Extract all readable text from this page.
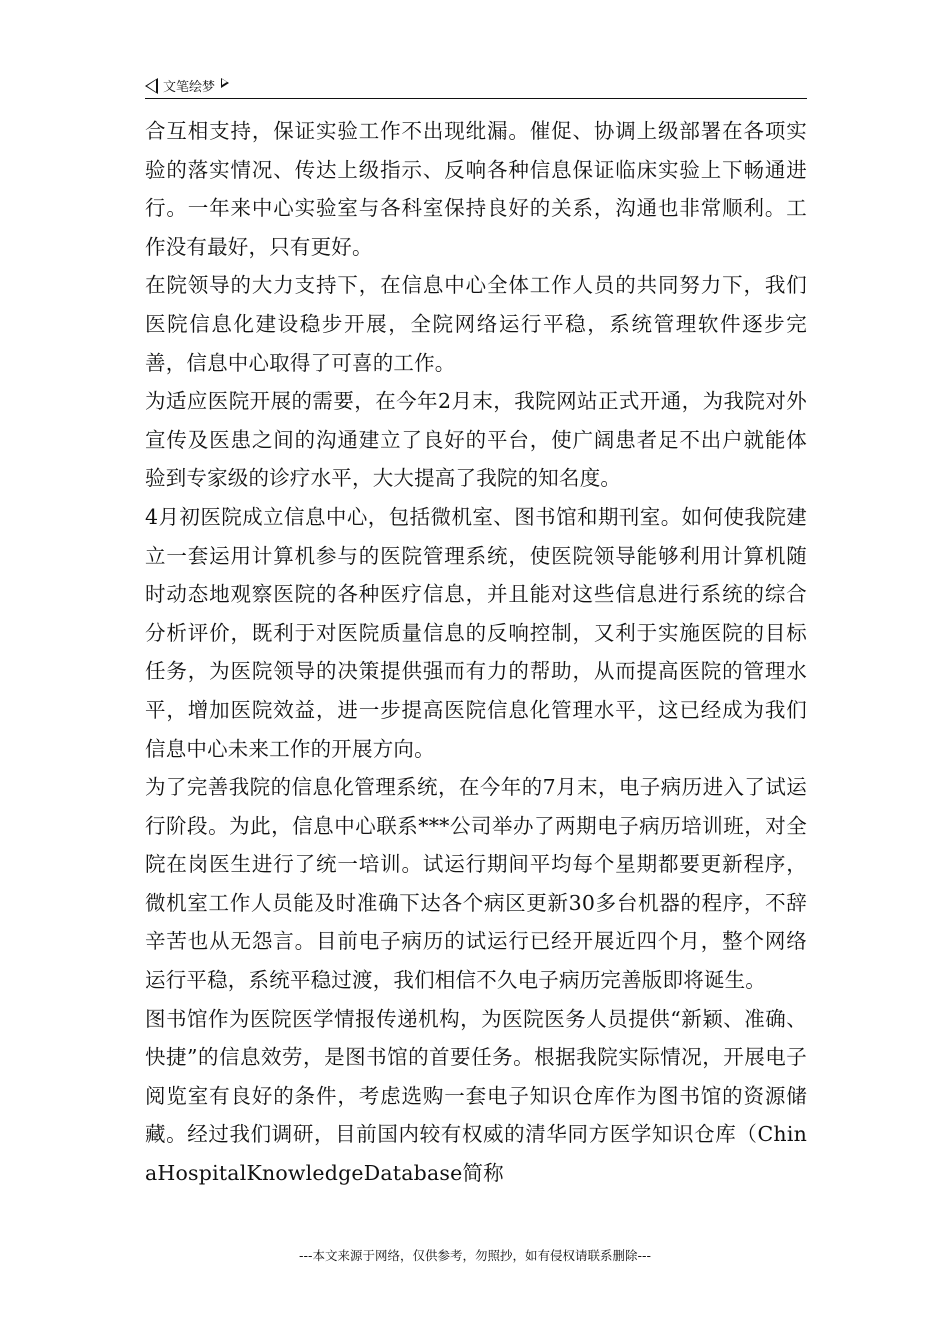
文笔绘梦

合互相支持，保证实验工作不出现纰漏。催促、协调上级部署在各项实验的落实情况、传达上级指示、反响各种信息保证临床实验上下畅通进行。一年来中心实验室与各科室保持良好的关系，沟通也非常顺利。工作没有最好，只有更好。

在院领导的大力支持下，在信息中心全体工作人员的共同努力下，我们医院信息化建设稳步开展，全院网络运行平稳，系统管理软件逐步完善，信息中心取得了可喜的工作。

为适应医院开展的需要，在今年2月末，我院网站正式开通，为我院对外宣传及医患之间的沟通建立了良好的平台，使广阔患者足不出户就能体验到专家级的诊疗水平，大大提高了我院的知名度。

4月初医院成立信息中心，包括微机室、图书馆和期刊室。如何使我院建立一套运用计算机参与的医院管理系统，使医院领导能够利用计算机随时动态地观察医院的各种医疗信息，并且能对这些信息进行系统的综合分析评价，既利于对医院质量信息的反响控制，又利于实施医院的目标任务，为医院领导的决策提供强而有力的帮助，从而提高医院的管理水平，增加医院效益，进一步提高医院信息化管理水平，这已经成为我们信息中心未来工作的开展方向。

为了完善我院的信息化管理系统，在今年的7月末，电子病历进入了试运行阶段。为此，信息中心联系***公司举办了两期电子病历培训班，对全院在岗医生进行了统一培训。试运行期间平均每个星期都要更新程序，微机室工作人员能及时准确下达各个病区更新30多台机器的程序，不辞辛苦也从无怨言。目前电子病历的试运行已经开展近四个月，整个网络运行平稳，系统平稳过渡，我们相信不久电子病历完善版即将诞生。

图书馆作为医院医学情报传递机构，为医院医务人员提供“新颖、准确、快捷”的信息效劳，是图书馆的首要任务。根据我院实际情况，开展电子阅览室有良好的条件，考虑选购一套电子知识仓库作为图书馆的资源储藏。经过我们调研，目前国内较有权威的清华同方医学知识仓库（ChinaHospitalKnowledgeDatabase简称

---本文来源于网络，仅供参考，勿照抄，如有侵权请联系删除---
